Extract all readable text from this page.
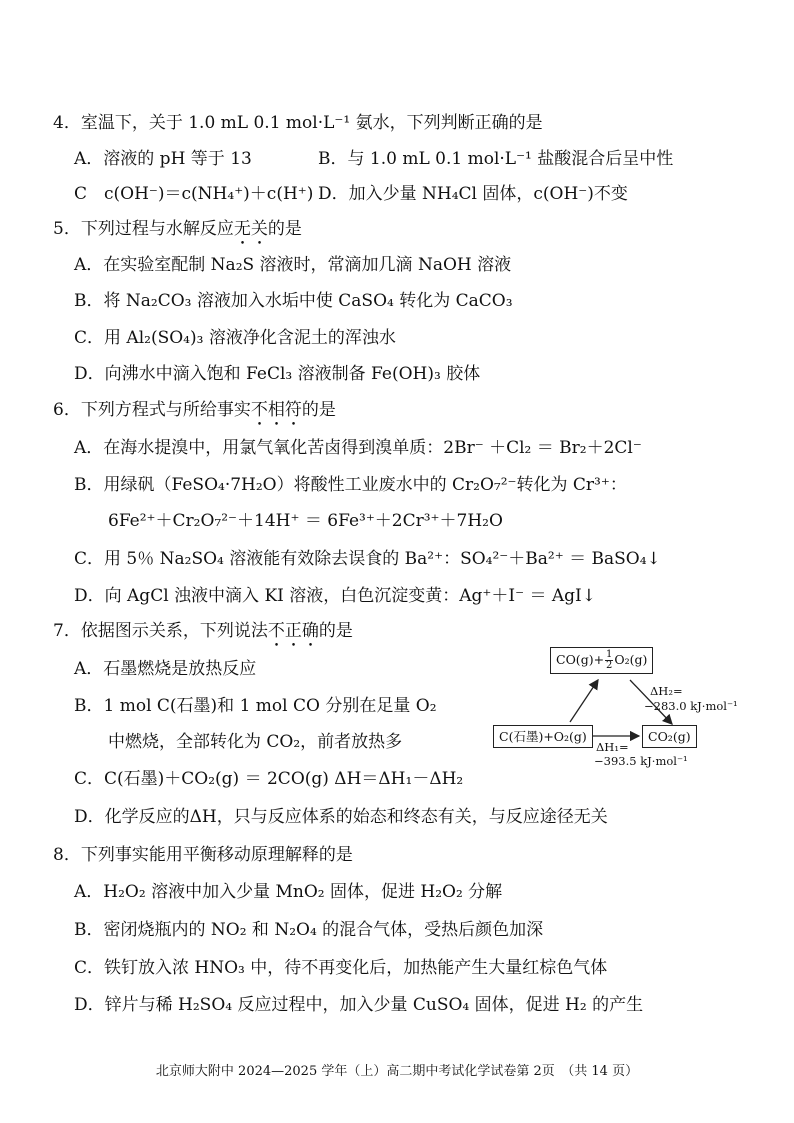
4．室温下，关于 1.0 mL 0.1 mol·L⁻¹ 氨水，下列判断正确的是
A．溶液的 pH 等于 13	B．与 1.0 mL 0.1 mol·L⁻¹ 盐酸混合后呈中性
C　c(OH⁻)＝c(NH₄⁺)＋c(H⁺) D．加入少量 NH₄Cl 固体，c(OH⁻)不变
5．下列过程与水解反应无关的是
A．在实验室配制 Na₂S 溶液时，常滴加几滴 NaOH 溶液
B．将 Na₂CO₃ 溶液加入水垢中使 CaSO₄ 转化为 CaCO₃
C．用 Al₂(SO₄)₃ 溶液净化含泥土的浑浊水
D．向沸水中滴入饱和 FeCl₃ 溶液制备 Fe(OH)₃ 胶体
6．下列方程式与所给事实不相符的是
A．在海水提溴中，用氯气氧化苦卤得到溴单质：2Br⁻ ＋Cl₂ ＝ Br₂＋2Cl⁻
B．用绿矾（FeSO₄·7H₂O）将酸性工业废水中的 Cr₂O₇²⁻转化为 Cr³⁺：
6Fe²⁺＋Cr₂O₇²⁻＋14H⁺ ＝ 6Fe³⁺＋2Cr³⁺＋7H₂O
C．用 5％ Na₂SO₄ 溶液能有效除去误食的 Ba²⁺：SO₄²⁻＋Ba²⁺ ＝ BaSO₄↓
D．向 AgCl 浊液中滴入 KI 溶液，白色沉淀变黄：Ag⁺＋I⁻ ＝ AgI↓
7．依据图示关系，下列说法不正确的是
A．石墨燃烧是放热反应
B．1 mol C(石墨)和 1 mol CO 分别在足量 O₂
中燃烧，全部转化为 CO₂，前者放热多
C．C(石墨)＋CO₂(g) ＝ 2CO(g) ΔH＝ΔH₁－ΔH₂
D．化学反应的ΔH，只与反应体系的始态和终态有关，与反应途径无关
$CO(g)+ \frac{1}{2} O_2(g)$
C(石墨)+O₂(g)	CO₂(g)
ΔH₂=
−283.0 kJ·mol⁻¹
ΔH₁=
−393.5 kJ·mol⁻¹
8．下列事实能用平衡移动原理解释的是
A．H₂O₂ 溶液中加入少量 MnO₂ 固体，促进 H₂O₂ 分解
B．密闭烧瓶内的 NO₂ 和 N₂O₄ 的混合气体，受热后颜色加深
C．铁钉放入浓 HNO₃ 中，待不再变化后，加热能产生大量红棕色气体
D．锌片与稀 H₂SO₄ 反应过程中，加入少量 CuSO₄ 固体，促进 H₂ 的产生
北京师大附中 2024—2025 学年（上）高二期中考试化学试卷第 2页　（共 14 页）
